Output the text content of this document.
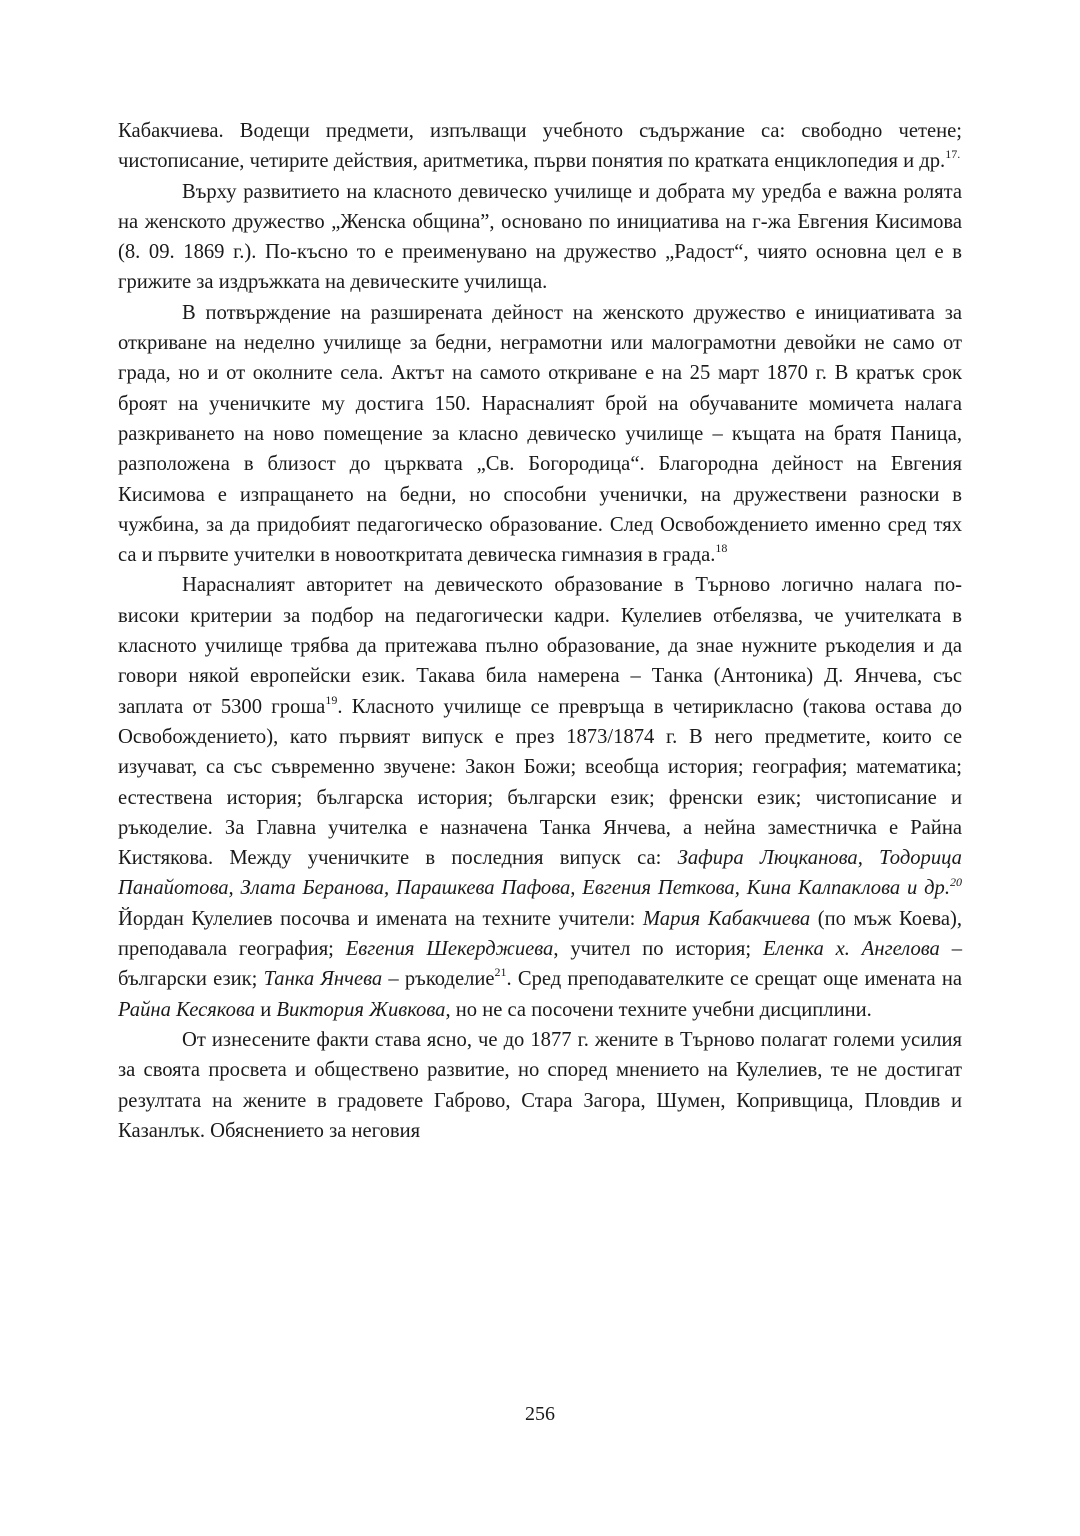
Кабакчиева. Водещи предмети, изпълващи учебното съдържание са: свободно четене; чистописание, четирите действия, аритметика, първи понятия по кратката енциклопедия и др.$^{17.}$

Върху развитието на класното девическо училище и добрата му уредба е важна ролята на женското дружество „Женска община”, основано по инициатива на г-жа Евгения Кисимова (8. 09. 1869 г.). По-късно то е преименувано на дружество „Радост“, чиято основна цел е в грижите за издръжката на девическите училища.

В потвърждение на разширената дейност на женското дружество е инициативата за откриване на неделно училище за бедни, неграмотни или малограмотни девойки не само от града, но и от околните села. Актът на самото откриване е на 25 март 1870 г. В кратък срок броят на ученичките му достига 150. Нарасналият брой на обучаваните момичета налага разкриването на ново помещение за класно девическо училище – къщата на братя Паница, разположена в близост до църквата „Св. Богородица“. Благородна дейност на Евгения Кисимова е изпращането на бедни, но способни ученички, на дружествени разноски в чужбина, за да придобият педагогическо образование. След Освобождението именно сред тях са и първите учителки в новооткритата девическа гимназия в града.$^{18}$

Нарасналият авторитет на девическото образование в Търново логично налага по-високи критерии за подбор на педагогически кадри. Кулелиев отбелязва, че учителката в класното училище трябва да притежава пълно образование, да знае нужните ръкоделия и да говори някой европейски език. Такава била намерена – Танка (Антоника) Д. Янчева, със заплата от 5300 гроша$^{19}$. Класното училище се превръща в четирикласно (такова остава до Освобождението), като първият випуск е през 1873/1874 г. В него предметите, които се изучават, са със съвременно звучене: Закон Божи; всеобща история; география; математика; естествена история; българска история; български език; френски език; чистописание и ръкоделие. За Главна учителка е назначена Танка Янчева, а нейна заместничка е Райна Кистякова. Между ученичките в последния випуск са: Зафира Люцканова, Тодорица Панайотова, Злата Беранова, Парашкева Пафова, Евгения Петкова, Кина Калпаклова и др.$^{20}$ Йордан Кулелиев посочва и имената на техните учители: Мария Кабакчиева (по мъж Коева), преподавала география; Евгения Шекерджиева, учител по история; Еленка х. Ангелова – български език; Танка Янчева – ръкоделие$^{21}$. Сред преподавателките се срещат още имената на Райна Кесякова и Виктория Живкова, но не са посочени техните учебни дисциплини.

От изнесените факти става ясно, че до 1877 г. жените в Търново полагат големи усилия за своята просвета и обществено развитие, но според мнението на Кулелиев, те не достигат резултата на жените в градовете Габрово, Стара Загора, Шумен, Копривщица, Пловдив и Казанлък. Обяснението за неговия

256
